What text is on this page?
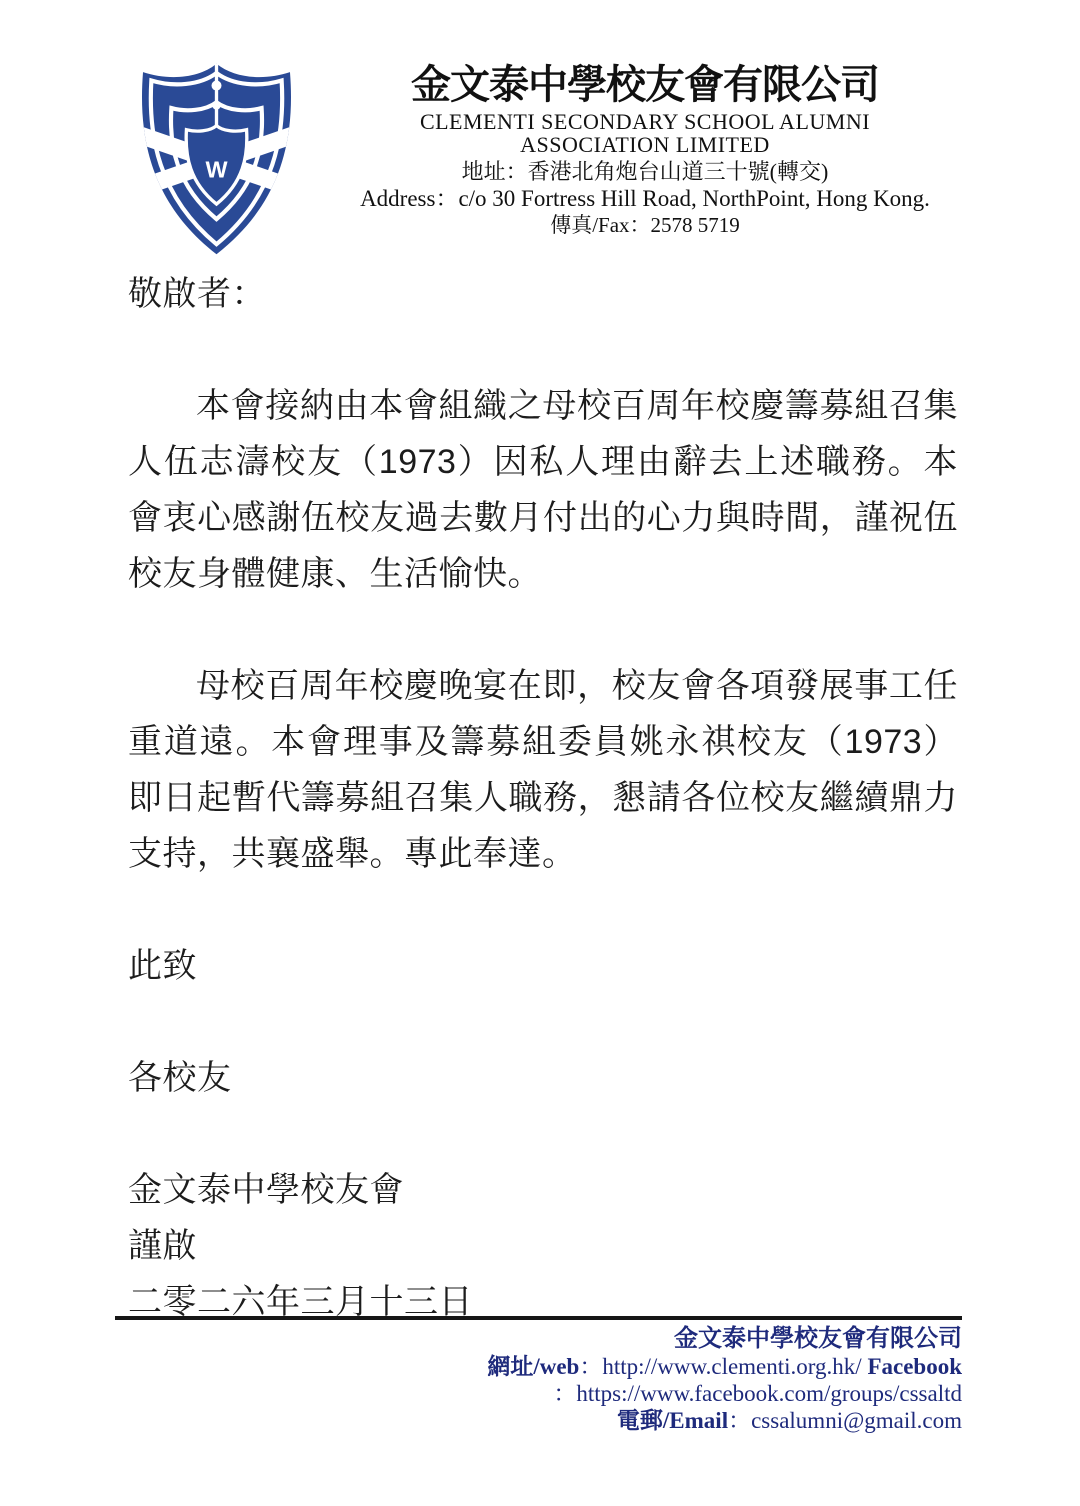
W
金文泰中學校友會有限公司
CLEMENTI SECONDARY SCHOOL ALUMNI
ASSOCIATION LIMITED
地址：香港北角炮台山道三十號(轉交)
Address：c/o 30 Fortress Hill Road, NorthPoint, Hong Kong.
傳真/Fax：2578 5719

敬啟者：

本會接納由本會組織之母校百周年校慶籌募組召集人伍志濤校友（1973）因私人理由辭去上述職務。本會衷心感謝伍校友過去數月付出的心力與時間，謹祝伍校友身體健康、生活愉快。

母校百周年校慶晚宴在即，校友會各項發展事工任重道遠。本會理事及籌募組委員姚永祺校友（1973）即日起暫代籌募組召集人職務，懇請各位校友繼續鼎力支持，共襄盛舉。專此奉達。

此致

各校友

金文泰中學校友會

謹啟

二零二六年三月十三日

金文泰中學校友會有限公司
網址/web：http://www.clementi.org.hk/ Facebook
：https://www.facebook.com/groups/cssaltd
電郵/Email：cssalumni@gmail.com
